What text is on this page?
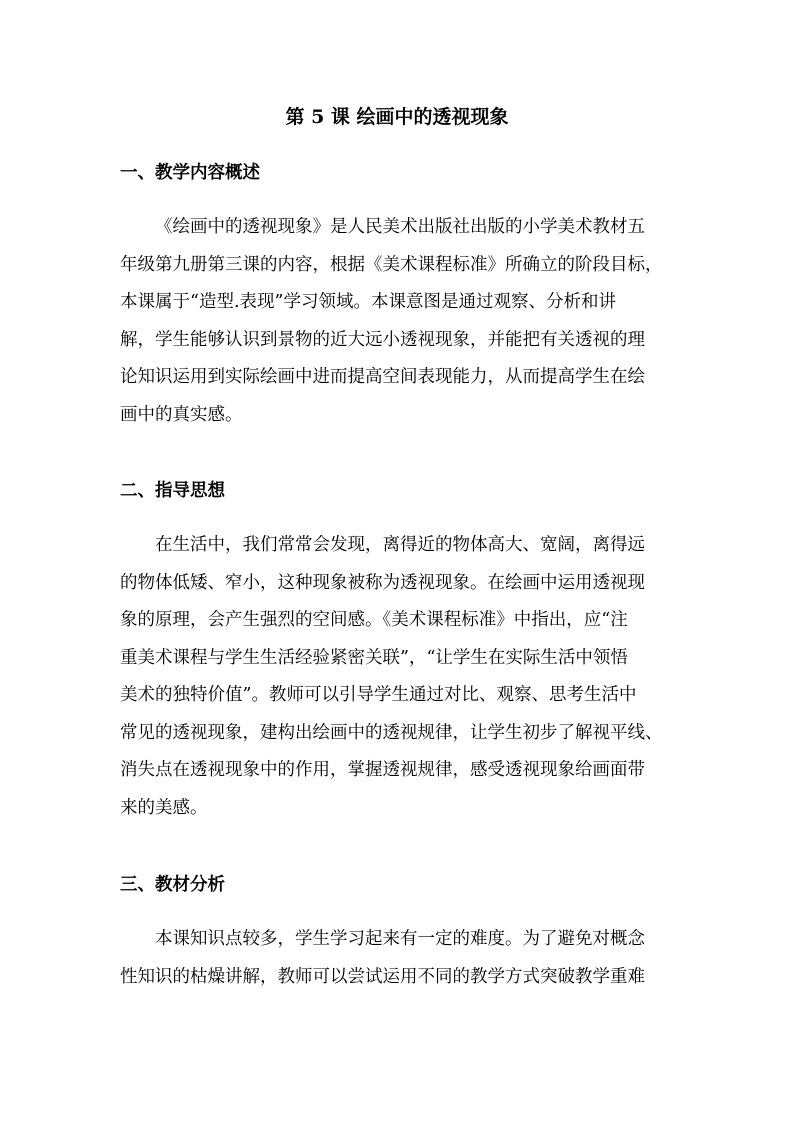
第 5 课 绘画中的透视现象
一、教学内容概述
《绘画中的透视现象》是人民美术出版社出版的小学美术教材五
年级第九册第三课的内容，根据《美术课程标准》所确立的阶段目标，
本课属于“造型.表现”学习领域。本课意图是通过观察、分析和讲
解，学生能够认识到景物的近大远小透视现象，并能把有关透视的理
论知识运用到实际绘画中进而提高空间表现能力，从而提高学生在绘
画中的真实感。
二、指导思想
在生活中，我们常常会发现，离得近的物体高大、宽阔，离得远
的物体低矮、窄小，这种现象被称为透视现象。在绘画中运用透视现
象的原理，会产生强烈的空间感。《美术课程标准》中指出，应“注
重美术课程与学生生活经验紧密关联”，“让学生在实际生活中领悟
美术的独特价值”。教师可以引导学生通过对比、观察、思考生活中
常见的透视现象，建构出绘画中的透视规律，让学生初步了解视平线、
消失点在透视现象中的作用，掌握透视规律，感受透视现象给画面带
来的美感。
三、教材分析
本课知识点较多，学生学习起来有一定的难度。为了避免对概念
性知识的枯燥讲解，教师可以尝试运用不同的教学方式突破教学重难
